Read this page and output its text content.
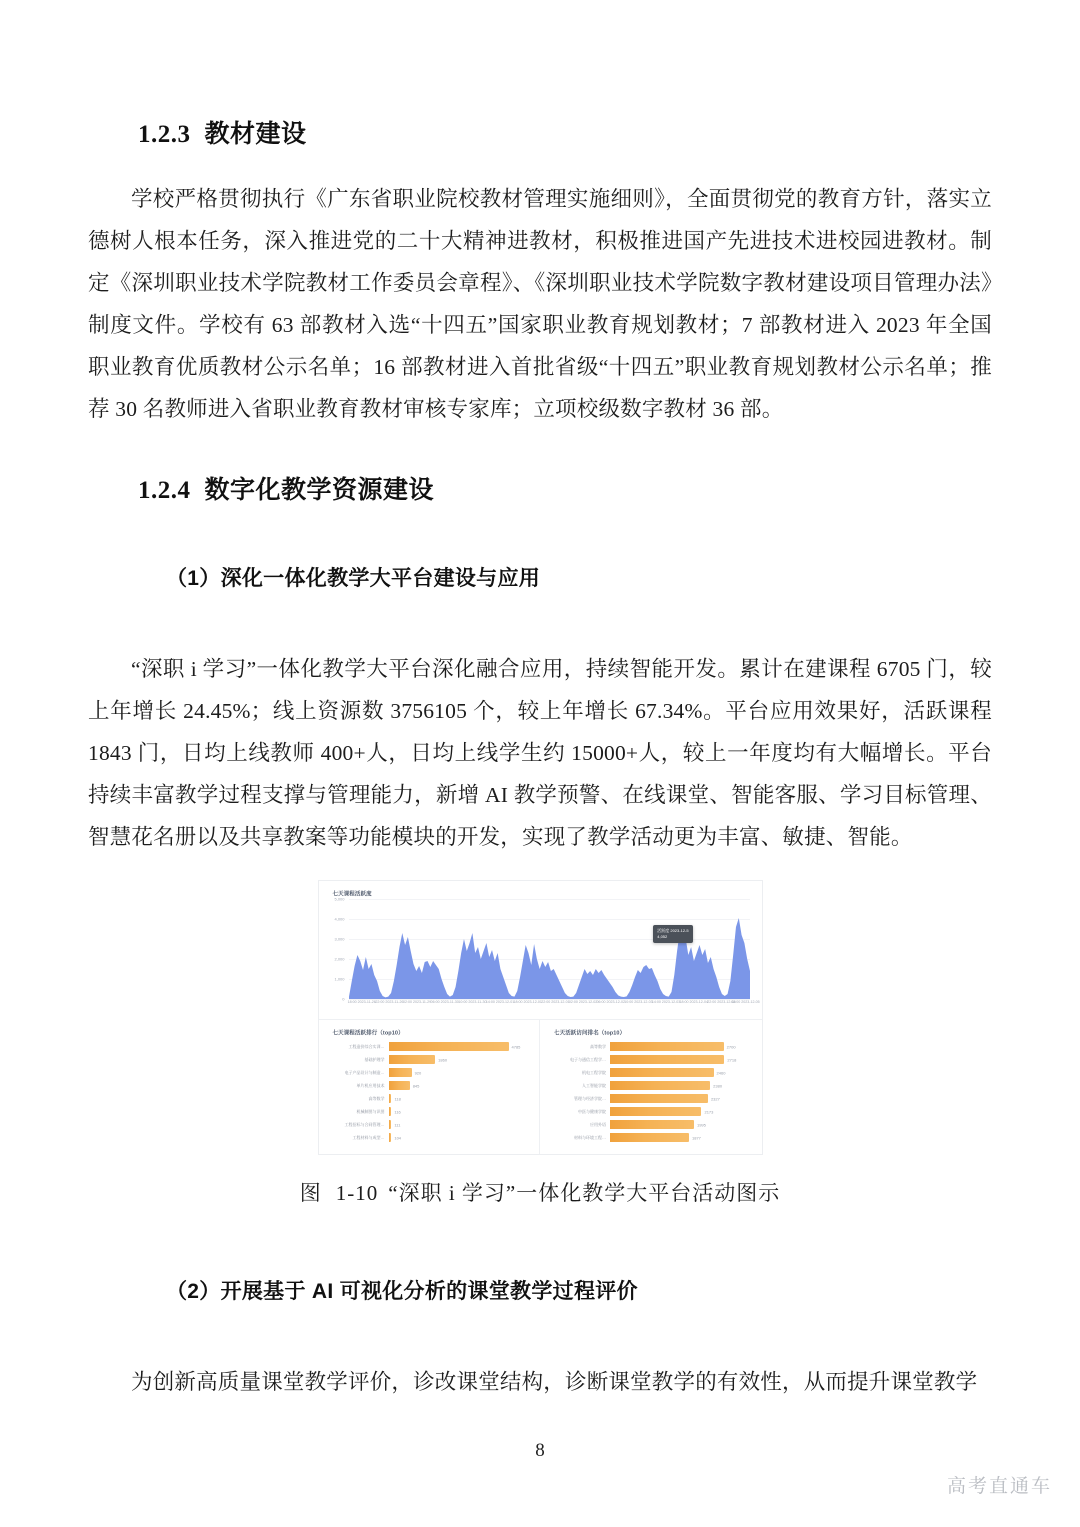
1.2.3 教材建设

学校严格贯彻执行《广东省职业院校教材管理实施细则》，全面贯彻党的教育方针，落实立德树人根本任务，深入推进党的二十大精神进教材，积极推进国产先进技术进校园进教材。制定《深圳职业技术学院教材工作委员会章程》、《深圳职业技术学院数字教材建设项目管理办法》制度文件。学校有 63 部教材入选“十四五”国家职业教育规划教材；7 部教材进入 2023 年全国职业教育优质教材公示名单；16 部教材进入首批省级“十四五”职业教育规划教材公示名单；推荐 30 名教师进入省职业教育教材审核专家库；立项校级数字教材 36 部。

1.2.4 数字化教学资源建设
（1）深化一体化教学大平台建设与应用

“深职 i 学习”一体化教学大平台深化融合应用，持续智能开发。累计在建课程 6705 门，较上年增长 24.45%；线上资源数 3756105 个，较上年增长 67.34%。平台应用效果好，活跃课程 1843 门，日均上线教师 400+人，日均上线学生约 15000+人，较上一年度均有大幅增长。平台持续丰富教学过程支撑与管理能力，新增 AI 教学预警、在线课堂、智能客服、学习目标管理、智慧花名册以及共享教案等功能模块的开发，实现了教学活动更为丰富、敏捷、智能。

七天课程活跃度
5,000
4,000
3,000
2,000
1,000
0
活跃度 2023-12-5
4,052
18:00 2023-11-26 22:00 2023-11-26 02:00 2023-11-29 06:00 2023-11-30 10:00 2023-11-30 14:00 2023-12-01 18:00 2023-12-01 22:00 2023-12-01 02:00 2023-12-02 06:00 2023-12-02 10:00 2023-12-03 14:00 2023-12-03 18:00 2023-12-04 22:00 2023-12-04
02:00 2023-12-05
七天课程活跃排行（top10）
工程造价综合实训…	4785
基础护理学	1860
电子产品设计与制造…	920
单片机应用技术	845
高等数学	118
机械制图与识图	116
工程招标与合同管理…	111
工程材料与成型…	104
七天活跃访问排名（top10）
高等数学	2700
电子与通信工程学…	2718
机电工程学院	2460
人工智能学院	2380
管理与经济学院…	2327
中医与健康学院	2173
应用外语	1995
材料与环境工程…	1877
图 1-10 “深职 i 学习”一体化教学大平台活动图示
（2）开展基于 AI 可视化分析的课堂教学过程评价

为创新高质量课堂教学评价，诊改课堂结构，诊断课堂教学的有效性，从而提升课堂教学

8
高考直通车
